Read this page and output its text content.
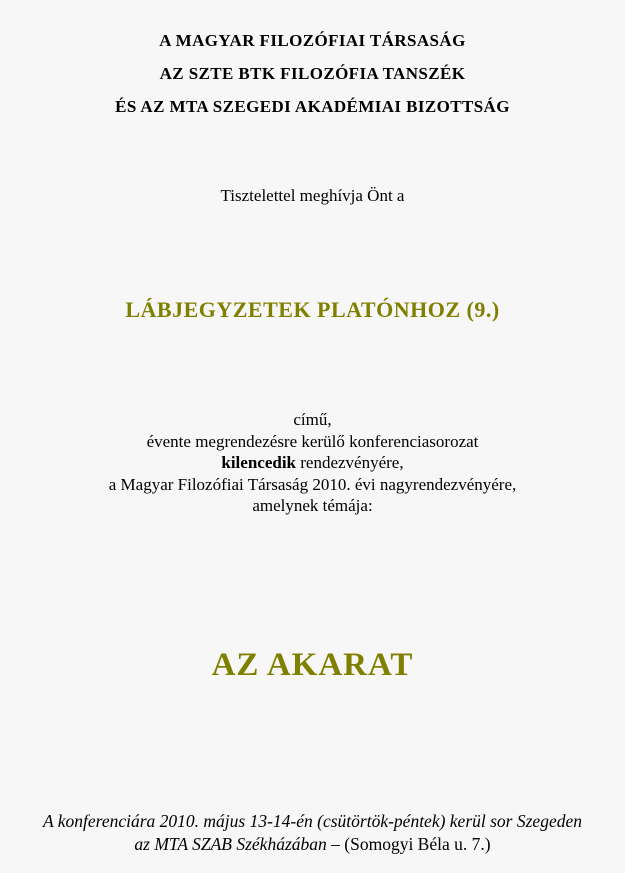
A MAGYAR FILOZÓFIAI TÁRSASÁG
AZ SZTE BTK FILOZÓFIA TANSZÉK
ÉS AZ MTA SZEGEDI AKADÉMIAI BIZOTTSÁG
Tisztelettel meghívja Önt a
LÁBJEGYZETEK PLATÓNHOZ (9.)
című,
évente megrendezésre kerülő konferenciasorozat
kilencedik rendezvényére,
a Magyar Filozófiai Társaság 2010. évi nagyrendezvényére,
amelynek témája:
AZ AKARAT
A konferenciára 2010. május 13-14-én (csütörtök-péntek) kerül sor Szegeden
az MTA SZAB Székházában – (Somogyi Béla u. 7.)
